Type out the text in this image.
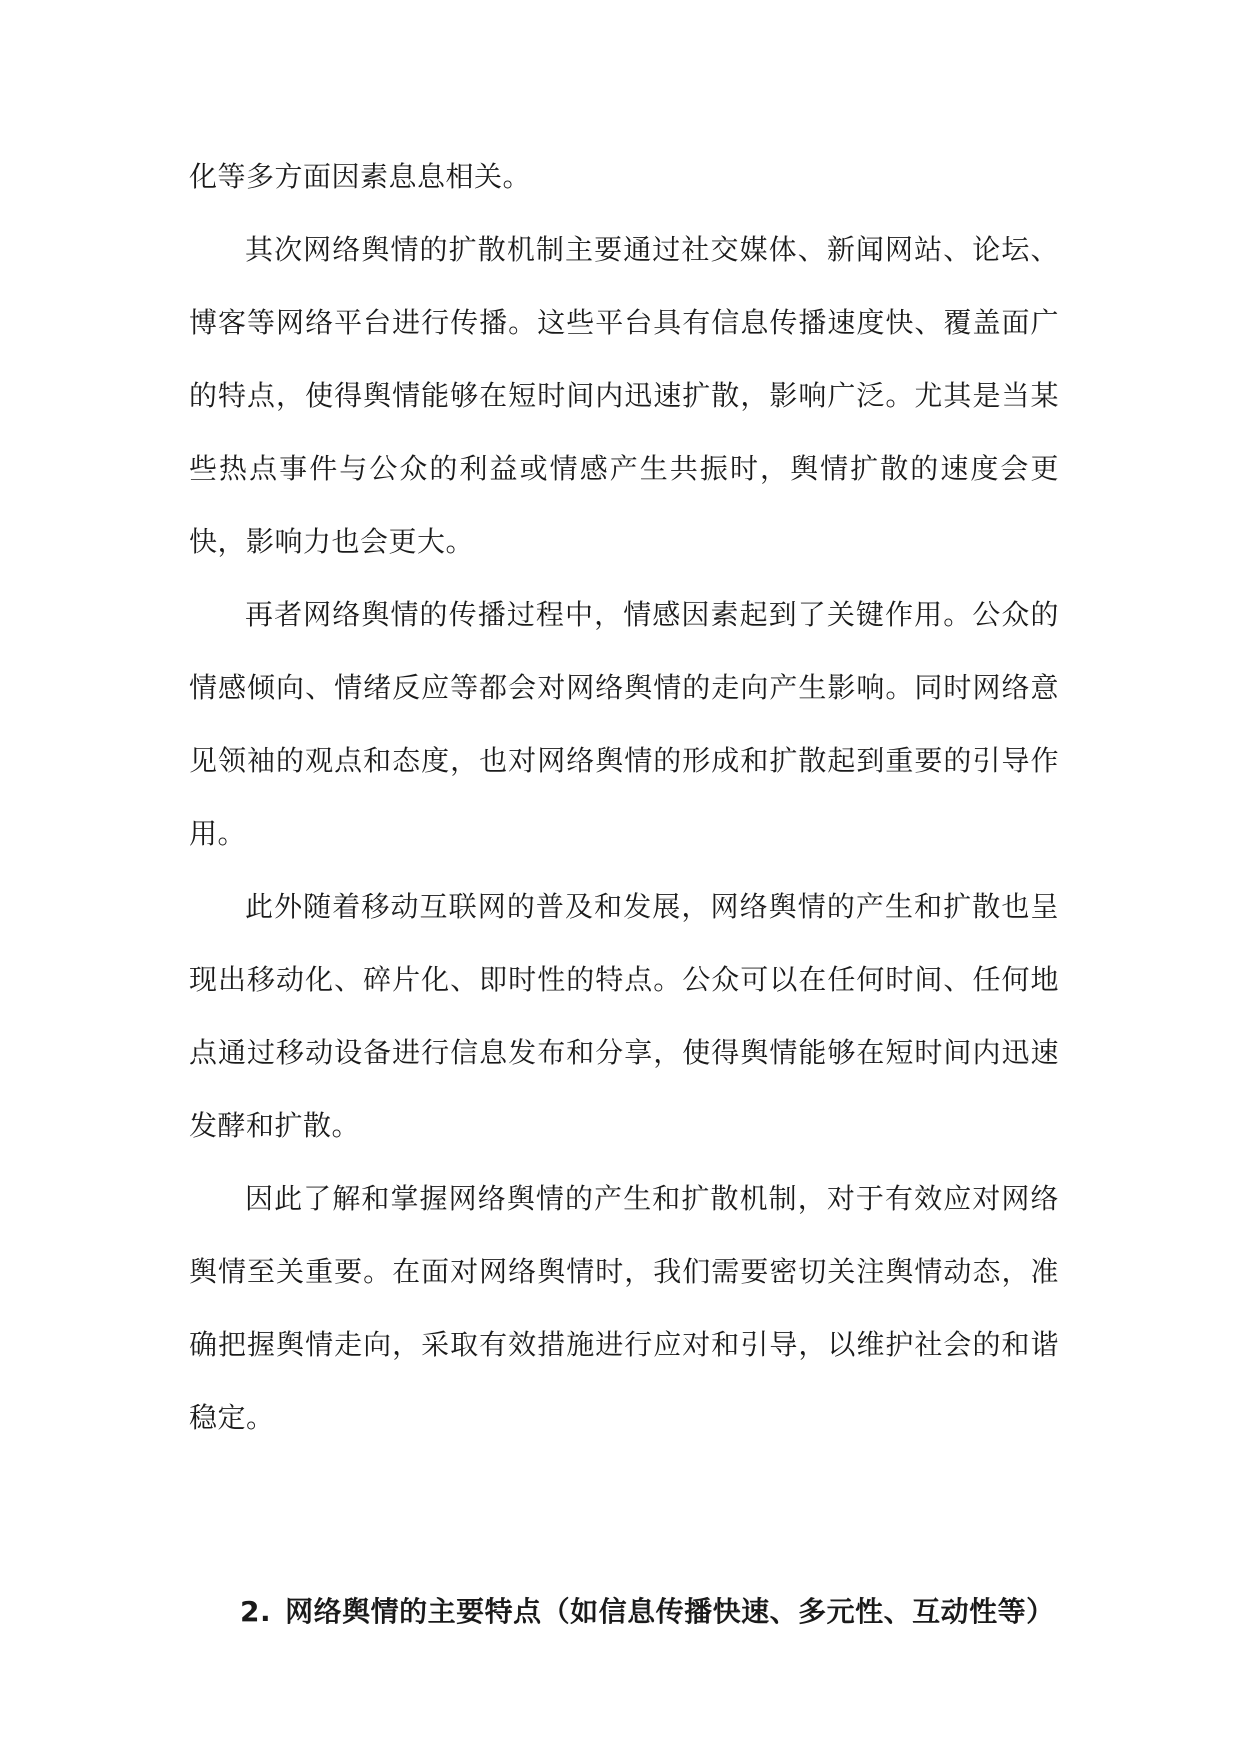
化等多方面因素息息相关。

其次网络舆情的扩散机制主要通过社交媒体、新闻网站、论坛、博客等网络平台进行传播。这些平台具有信息传播速度快、覆盖面广的特点，使得舆情能够在短时间内迅速扩散，影响广泛。尤其是当某些热点事件与公众的利益或情感产生共振时，舆情扩散的速度会更快，影响力也会更大。

再者网络舆情的传播过程中，情感因素起到了关键作用。公众的情感倾向、情绪反应等都会对网络舆情的走向产生影响。同时网络意见领袖的观点和态度，也对网络舆情的形成和扩散起到重要的引导作用。

此外随着移动互联网的普及和发展，网络舆情的产生和扩散也呈现出移动化、碎片化、即时性的特点。公众可以在任何时间、任何地点通过移动设备进行信息发布和分享，使得舆情能够在短时间内迅速发酵和扩散。

因此了解和掌握网络舆情的产生和扩散机制，对于有效应对网络舆情至关重要。在面对网络舆情时，我们需要密切关注舆情动态，准确把握舆情走向，采取有效措施进行应对和引导，以维护社会的和谐稳定。

2. 网络舆情的主要特点（如信息传播快速、多元性、互动性等）
